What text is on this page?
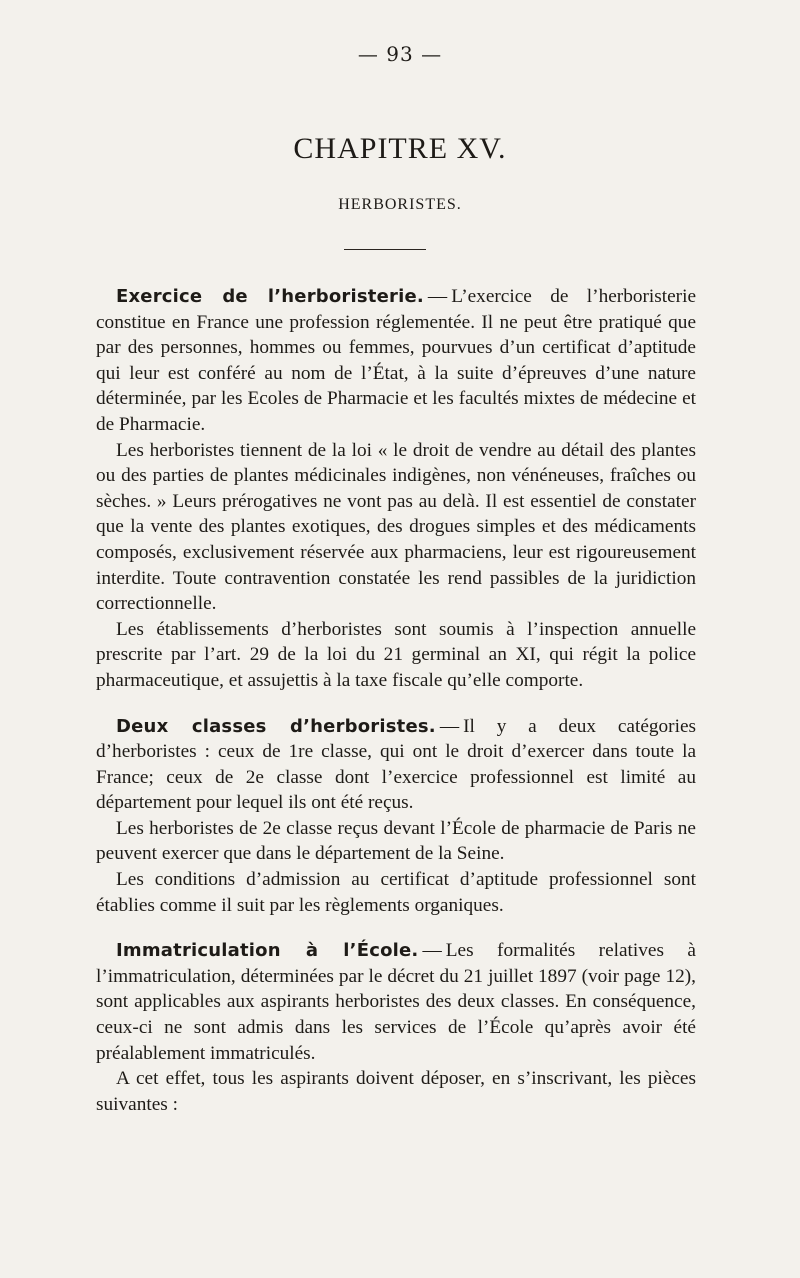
— 93 —
CHAPITRE XV.
HERBORISTES.

Exercice de l’herboristerie. — L’exercice de l’herboristerie constitue en France une profession réglementée. Il ne peut être pratiqué que par des personnes, hommes ou femmes, pourvues d’un certificat d’aptitude qui leur est conféré au nom de l’État, à la suite d’épreuves d’une nature déterminée, par les Ecoles de Pharmacie et les facultés mixtes de médecine et de Pharmacie.

Les herboristes tiennent de la loi « le droit de vendre au détail des plantes ou des parties de plantes médicinales indigènes, non vénéneuses, fraîches ou sèches. » Leurs prérogatives ne vont pas au delà. Il est essentiel de constater que la vente des plantes exotiques, des drogues simples et des médicaments composés, exclusivement réservée aux pharmaciens, leur est rigoureusement interdite. Toute contravention constatée les rend passibles de la juridiction correctionnelle.

Les établissements d’herboristes sont soumis à l’inspection annuelle prescrite par l’art. 29 de la loi du 21 germinal an XI, qui régit la police pharmaceutique, et assujettis à la taxe fiscale qu’elle comporte.

Deux classes d’herboristes. — Il y a deux catégories d’herboristes : ceux de 1re classe, qui ont le droit d’exercer dans toute la France; ceux de 2e classe dont l’exercice professionnel est limité au département pour lequel ils ont été reçus.

Les herboristes de 2e classe reçus devant l’École de pharmacie de Paris ne peuvent exercer que dans le département de la Seine.

Les conditions d’admission au certificat d’aptitude professionnel sont établies comme il suit par les règlements organiques.

Immatriculation à l’École. — Les formalités relatives à l’immatriculation, déterminées par le décret du 21 juillet 1897 (voir page 12), sont applicables aux aspirants herboristes des deux classes. En conséquence, ceux-ci ne sont admis dans les services de l’École qu’après avoir été préalablement immatriculés.

A cet effet, tous les aspirants doivent déposer, en s’inscrivant, les pièces suivantes :
